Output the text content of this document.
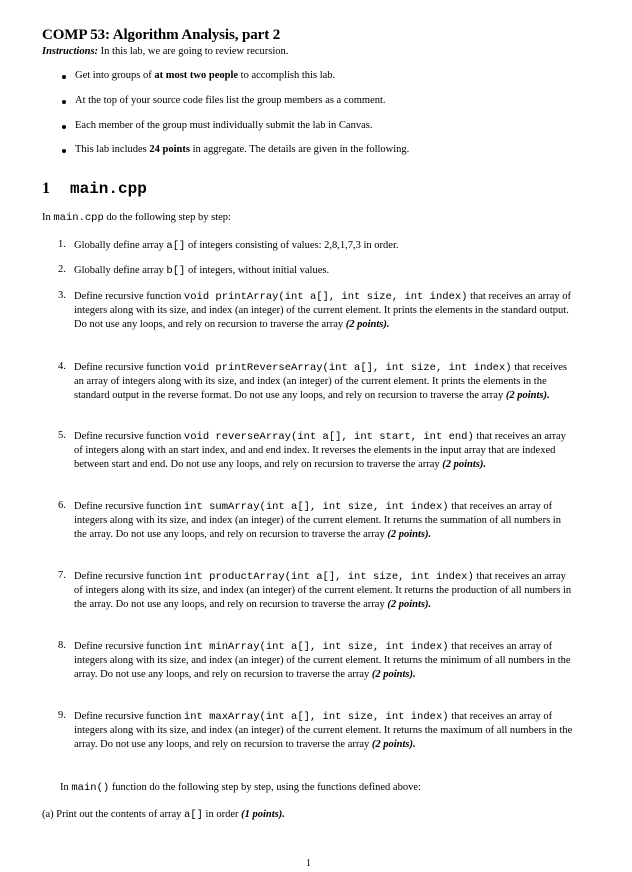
COMP 53: Algorithm Analysis, part 2
Instructions: In this lab, we are going to review recursion.
Get into groups of at most two people to accomplish this lab.
At the top of your source code files list the group members as a comment.
Each member of the group must individually submit the lab in Canvas.
This lab includes 24 points in aggregate. The details are given in the following.
1 main.cpp
In main.cpp do the following step by step:
1. Globally define array a[] of integers consisting of values: 2,8,1,7,3 in order.
2. Globally define array b[] of integers, without initial values.
3. Define recursive function void printArray(int a[], int size, int index) that receives an array of integers along with its size, and index (an integer) of the current element. It prints the elements in the standard output. Do not use any loops, and rely on recursion to traverse the array (2 points).
4. Define recursive function void printReverseArray(int a[], int size, int index) that receives an array of integers along with its size, and index (an integer) of the current element. It prints the elements in the standard output in the reverse format. Do not use any loops, and rely on recursion to traverse the array (2 points).
5. Define recursive function void reverseArray(int a[], int start, int end) that receives an array of integers along with an start index, and and end index. It reverses the elements in the input array that are indexed between start and end. Do not use any loops, and rely on recursion to traverse the array (2 points).
6. Define recursive function int sumArray(int a[], int size, int index) that receives an array of integers along with its size, and index (an integer) of the current element. It returns the summation of all numbers in the array. Do not use any loops, and rely on recursion to traverse the array (2 points).
7. Define recursive function int productArray(int a[], int size, int index) that receives an array of integers along with its size, and index (an integer) of the current element. It returns the production of all numbers in the array. Do not use any loops, and rely on recursion to traverse the array (2 points).
8. Define recursive function int minArray(int a[], int size, int index) that receives an array of integers along with its size, and index (an integer) of the current element. It returns the minimum of all numbers in the array. Do not use any loops, and rely on recursion to traverse the array (2 points).
9. Define recursive function int maxArray(int a[], int size, int index) that receives an array of integers along with its size, and index (an integer) of the current element. It returns the maximum of all numbers in the array. Do not use any loops, and rely on recursion to traverse the array (2 points).
In main() function do the following step by step, using the functions defined above:
(a) Print out the contents of array a[] in order (1 points).
1
